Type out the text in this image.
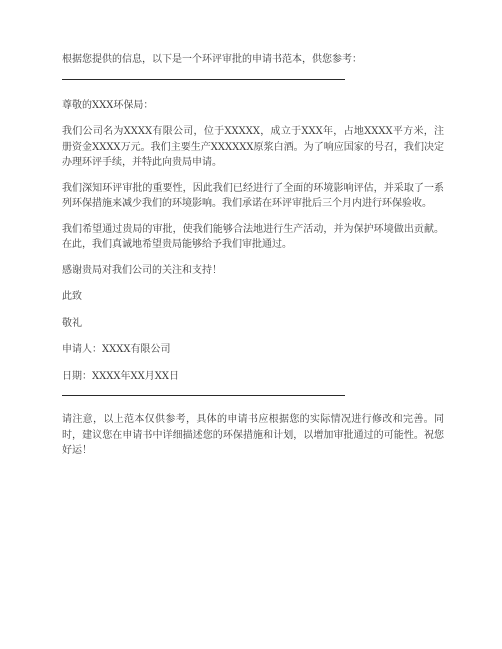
根据您提供的信息，以下是一个环评审批的申请书范本，供您参考：

尊敬的XXX环保局：

我们公司名为XXXX有限公司，位于XXXXX，成立于XXX年，占地XXXX平方米，注册资金XXXX万元。我们主要生产XXXXXX原浆白酒。为了响应国家的号召，我们决定办理环评手续，并特此向贵局申请。

我们深知环评审批的重要性，因此我们已经进行了全面的环境影响评估，并采取了一系列环保措施来减少我们的环境影响。我们承诺在环评审批后三个月内进行环保验收。

我们希望通过贵局的审批，使我们能够合法地进行生产活动，并为保护环境做出贡献。在此，我们真诚地希望贵局能够给予我们审批通过。

感谢贵局对我们公司的关注和支持！

此致

敬礼

申请人：XXXX有限公司

日期：XXXX年XX月XX日

请注意，以上范本仅供参考，具体的申请书应根据您的实际情况进行修改和完善。同时，建议您在申请书中详细描述您的环保措施和计划，以增加审批通过的可能性。祝您好运！
